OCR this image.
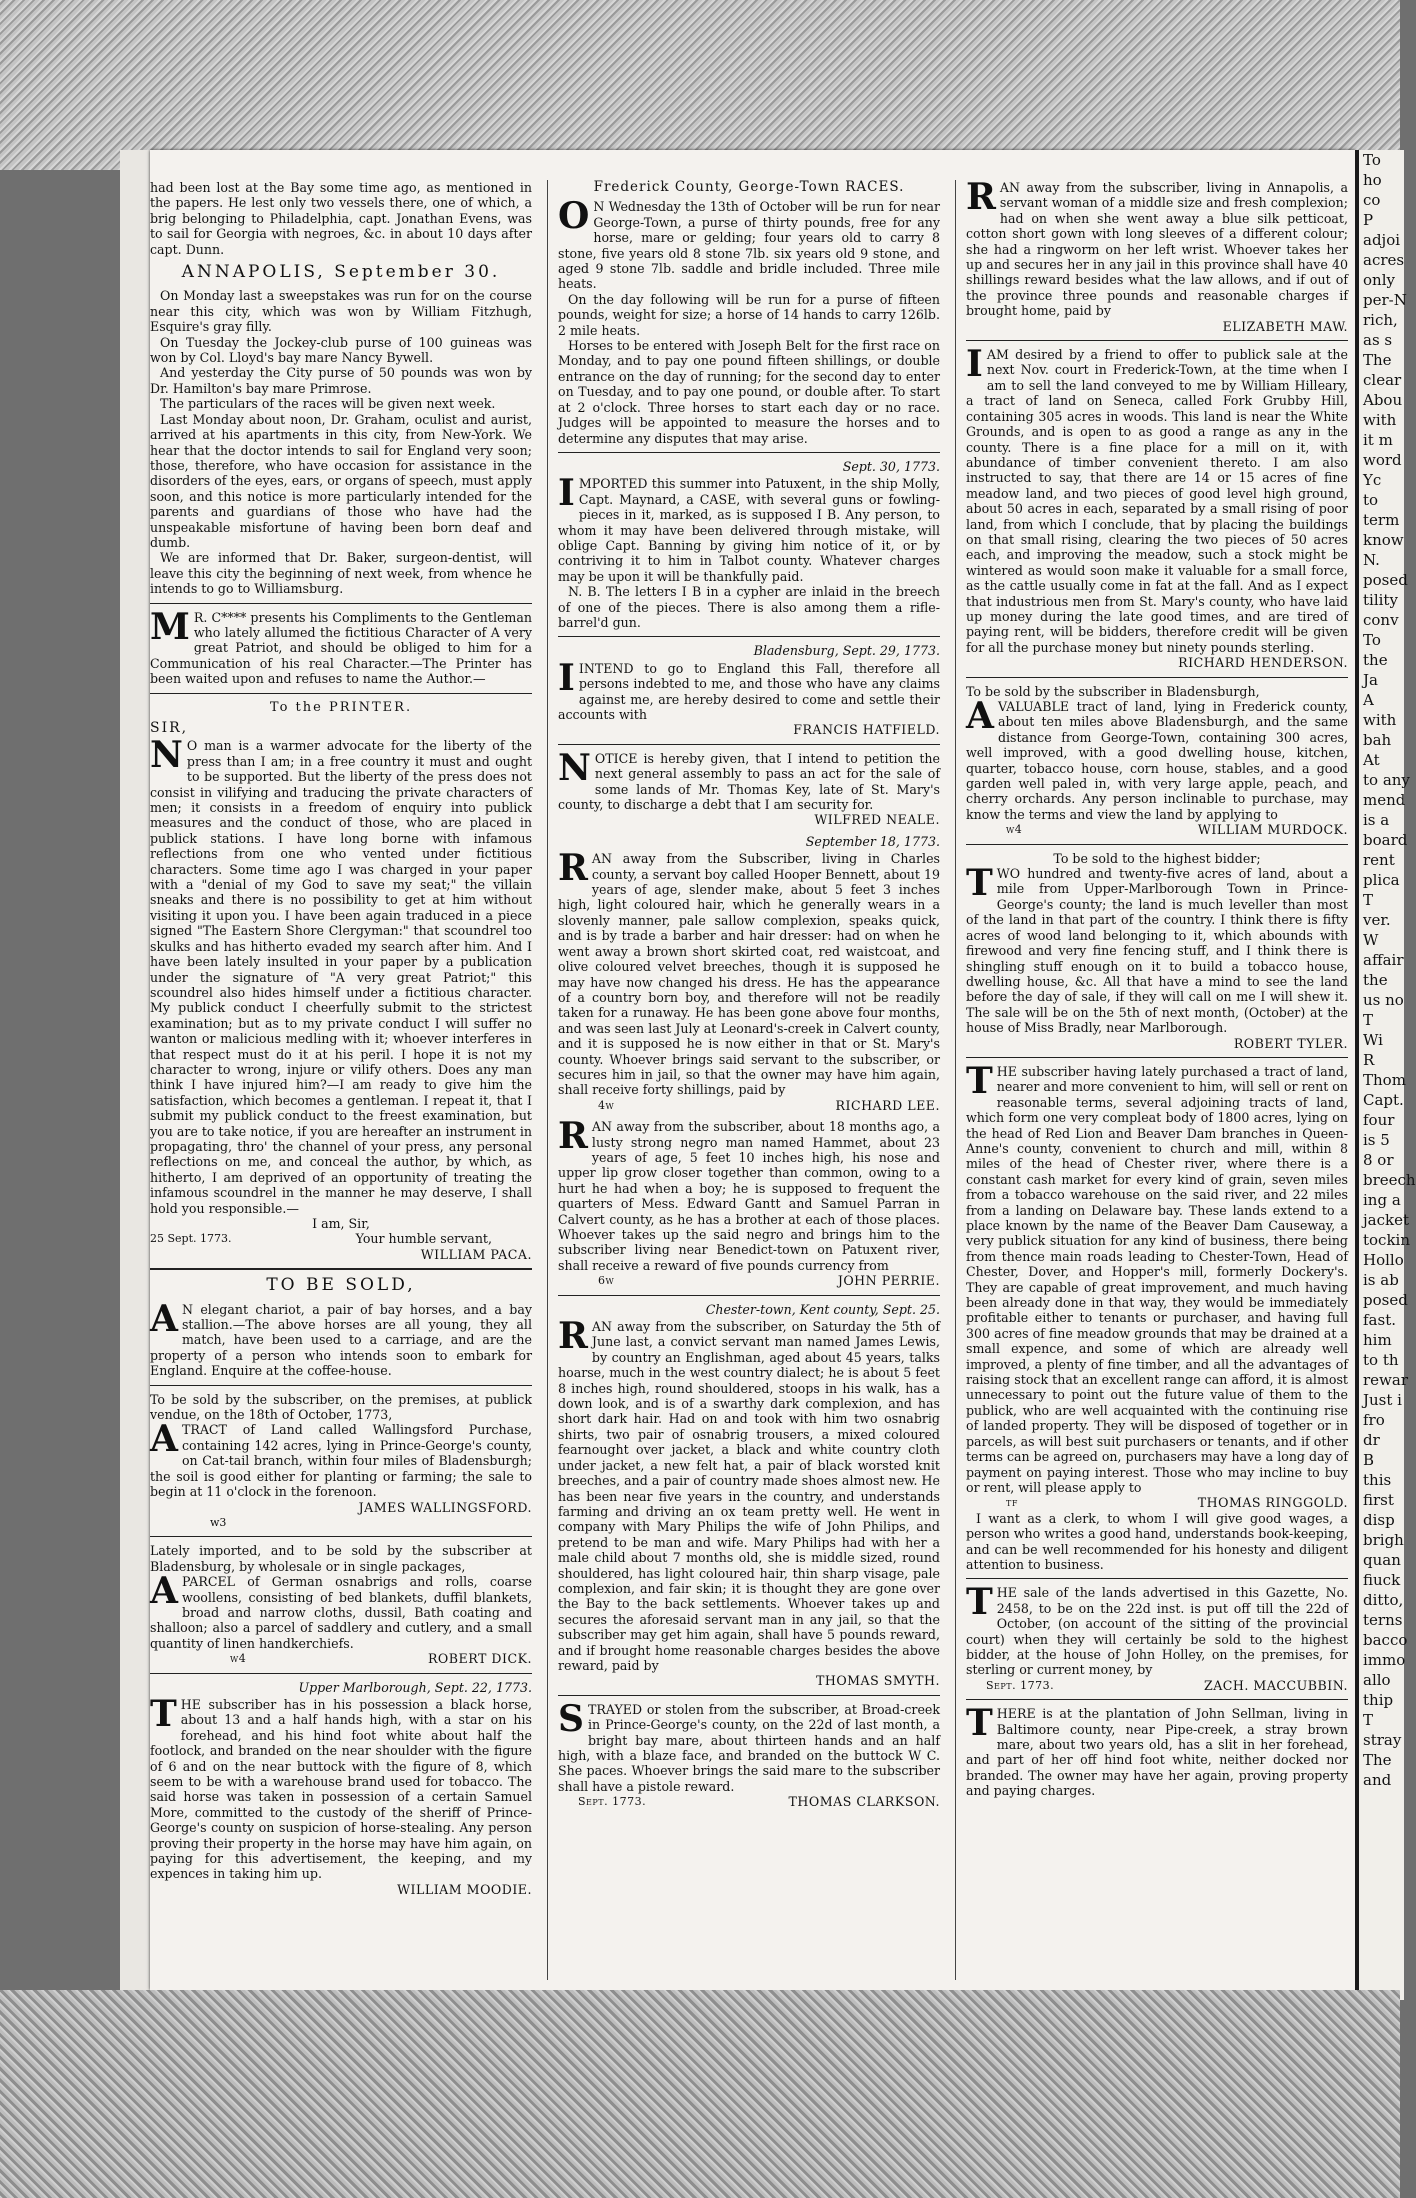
had been lost at the Bay some time ago, as mentioned in the papers. He lest only two vessels there, one of which, a brig belonging to Philadelphia, capt. Jonathan Evens, was to sail for Georgia with negroes, &c. in about 10 days after capt. Dunn.

ANNAPOLIS, September 30.

On Monday last a sweepstakes was run for on the course near this city, which was won by William Fitzhugh, Esquire's gray filly.

On Tuesday the Jockey-club purse of 100 guineas was won by Col. Lloyd's bay mare Nancy Bywell.

And yesterday the City purse of 50 pounds was won by Dr. Hamilton's bay mare Primrose.

The particulars of the races will be given next week.

Last Monday about noon, Dr. Graham, oculist and aurist, arrived at his apartments in this city, from New-York. We hear that the doctor intends to sail for England very soon; those, therefore, who have occasion for assistance in the disorders of the eyes, ears, or organs of speech, must apply soon, and this notice is more particularly intended for the parents and guardians of those who have had the unspeakable misfortune of having been born deaf and dumb.

We are informed that Dr. Baker, surgeon-dentist, will leave this city the beginning of next week, from whence he intends to go to Williamsburg.

M R. C**** presents his Compliments to the Gentleman who lately allumed the fictitious Character of A very great Patriot, and should be obliged to him for a Communication of his real Character.—The Printer has been waited upon and refuses to name the Author.—

To the PRINTER.
SIR,

N O man is a warmer advocate for the liberty of the press than I am; in a free country it must and ought to be supported. But the liberty of the press does not consist in vilifying and traducing the private characters of men; it consists in a freedom of enquiry into publick measures and the conduct of those, who are placed in publick stations. I have long borne with infamous reflections from one who vented under fictitious characters. Some time ago I was charged in your paper with a "denial of my God to save my seat;" the villain sneaks and there is no possibility to get at him without visiting it upon you. I have been again traduced in a piece signed "The Eastern Shore Clergyman:" that scoundrel too skulks and has hitherto evaded my search after him. And I have been lately insulted in your paper by a publication under the signature of "A very great Patriot;" this scoundrel also hides himself under a fictitious character. My publick conduct I cheerfully submit to the strictest examination; but as to my private conduct I will suffer no wanton or malicious medling with it; whoever interferes in that respect must do it at his peril. I hope it is not my character to wrong, injure or vilify others. Does any man think I have injured him?—I am ready to give him the satisfaction, which becomes a gentleman. I repeat it, that I submit my publick conduct to the freest examination, but you are to take notice, if you are hereafter an instrument in propagating, thro' the channel of your press, any personal reflections on me, and conceal the author, by which, as hitherto, I am deprived of an opportunity of treating the infamous scoundrel in the manner he may deserve, I shall hold you responsible.—

I am, Sir,
25 Sept. 1773.	Your humble servant,
WILLIAM PACA.
TO BE SOLD,

A N elegant chariot, a pair of bay horses, and a bay stallion.—The above horses are all young, they all match, have been used to a carriage, and are the property of a person who intends soon to embark for England. Enquire at the coffee-house.

To be sold by the subscriber, on the premises, at publick vendue, on the 18th of October, 1773,

ATRACT of Land called Wallingsford Purchase, containing 142 acres, lying in Prince-George's county, on Cat-tail branch, within four miles of Bladensburgh; the soil is good either for planting or farming; the sale to begin at 11 o'clock in the forenoon.

JAMES WALLINGSFORD.
w3

Lately imported, and to be sold by the subscriber at Bladensburg, by wholesale or in single packages,

APARCEL of German osnabrigs and rolls, coarse woollens, consisting of bed blankets, duffil blankets, broad and narrow cloths, dussil, Bath coating and shalloon; also a parcel of saddlery and cutlery, and a small quantity of linen handkerchiefs.

w4	ROBERT DICK.
Upper Marlborough, Sept. 22, 1773.

THE subscriber has in his possession a black horse, about 13 and a half hands high, with a star on his forehead, and his hind foot white about half the footlock, and branded on the near shoulder with the figure of 6 and on the near buttock with the figure of 8, which seem to be with a warehouse brand used for tobacco. The said horse was taken in possession of a certain Samuel More, committed to the custody of the sheriff of Prince-George's county on suspicion of horse-stealing. Any person proving their property in the horse may have him again, on paying for this advertisement, the keeping, and my expences in taking him up.

WILLIAM MOODIE.
Frederick County, George-Town RACES.

O N Wednesday the 13th of October will be run for near George-Town, a purse of thirty pounds, free for any horse, mare or gelding; four years old to carry 8 stone, five years old 8 stone 7lb. six years old 9 stone, and aged 9 stone 7lb. saddle and bridle included. Three mile heats.

On the day following will be run for a purse of fifteen pounds, weight for size; a horse of 14 hands to carry 126lb. 2 mile heats.

Horses to be entered with Joseph Belt for the first race on Monday, and to pay one pound fifteen shillings, or double entrance on the day of running; for the second day to enter on Tuesday, and to pay one pound, or double after. To start at 2 o'clock. Three horses to start each day or no race. Judges will be appointed to measure the horses and to determine any disputes that may arise.

Sept. 30, 1773.

IMPORTED this summer into Patuxent, in the ship Molly, Capt. Maynard, a CASE, with several guns or fowling-pieces in it, marked, as is supposed I B. Any person, to whom it may have been delivered through mistake, will oblige Capt. Banning by giving him notice of it, or by contriving it to him in Talbot county. Whatever charges may be upon it will be thankfully paid.

N. B. The letters I B in a cypher are inlaid in the breech of one of the pieces. There is also among them a rifle-barrel'd gun.

Bladensburg, Sept. 29, 1773.

IINTEND to go to England this Fall, therefore all persons indebted to me, and those who have any claims against me, are hereby desired to come and settle their accounts with

FRANCIS HATFIELD.

NOTICE is hereby given, that I intend to petition the next general assembly to pass an act for the sale of some lands of Mr. Thomas Key, late of St. Mary's county, to discharge a debt that I am security for.

WILFRED NEALE.
September 18, 1773.

RAN away from the Subscriber, living in Charles county, a servant boy called Hooper Bennett, about 19 years of age, slender make, about 5 feet 3 inches high, light coloured hair, which he generally wears in a slovenly manner, pale sallow complexion, speaks quick, and is by trade a barber and hair dresser: had on when he went away a brown short skirted coat, red waistcoat, and olive coloured velvet breeches, though it is supposed he may have now changed his dress. He has the appearance of a country born boy, and therefore will not be readily taken for a runaway. He has been gone above four months, and was seen last July at Leonard's-creek in Calvert county, and it is supposed he is now either in that or St. Mary's county. Whoever brings said servant to the subscriber, or secures him in jail, so that the owner may have him again, shall receive forty shillings, paid by

4w	RICHARD LEE.

RAN away from the subscriber, about 18 months ago, a lusty strong negro man named Hammet, about 23 years of age, 5 feet 10 inches high, his nose and upper lip grow closer together than common, owing to a hurt he had when a boy; he is supposed to frequent the quarters of Mess. Edward Gantt and Samuel Parran in Calvert county, as he has a brother at each of those places. Whoever takes up the said negro and brings him to the subscriber living near Benedict-town on Patuxent river, shall receive a reward of five pounds currency from

6w	JOHN PERRIE.
Chester-town, Kent county, Sept. 25.

RAN away from the subscriber, on Saturday the 5th of June last, a convict servant man named James Lewis, by country an Englishman, aged about 45 years, talks hoarse, much in the west country dialect; he is about 5 feet 8 inches high, round shouldered, stoops in his walk, has a down look, and is of a swarthy dark complexion, and has short dark hair. Had on and took with him two osnabrig shirts, two pair of osnabrig trousers, a mixed coloured fearnought over jacket, a black and white country cloth under jacket, a new felt hat, a pair of black worsted knit breeches, and a pair of country made shoes almost new. He has been near five years in the country, and understands farming and driving an ox team pretty well. He went in company with Mary Philips the wife of John Philips, and pretend to be man and wife. Mary Philips had with her a male child about 7 months old, she is middle sized, round shouldered, has light coloured hair, thin sharp visage, pale complexion, and fair skin; it is thought they are gone over the Bay to the back settlements. Whoever takes up and secures the aforesaid servant man in any jail, so that the subscriber may get him again, shall have 5 pounds reward, and if brought home reasonable charges besides the above reward, paid by

THOMAS SMYTH.

STRAYED or stolen from the subscriber, at Broad-creek in Prince-George's county, on the 22d of last month, a bright bay mare, about thirteen hands and an half high, with a blaze face, and branded on the buttock W C. She paces. Whoever brings the said mare to the subscriber shall have a pistole reward.

Sept. 1773.	THOMAS CLARKSON.

RAN away from the subscriber, living in Annapolis, a servant woman of a middle size and fresh complexion; had on when she went away a blue silk petticoat, cotton short gown with long sleeves of a different colour; she had a ringworm on her left wrist. Whoever takes her up and secures her in any jail in this province shall have 40 shillings reward besides what the law allows, and if out of the province three pounds and reasonable charges if brought home, paid by

ELIZABETH MAW.

IAM desired by a friend to offer to publick sale at the next Nov. court in Frederick-Town, at the time when I am to sell the land conveyed to me by William Hilleary, a tract of land on Seneca, called Fork Grubby Hill, containing 305 acres in woods. This land is near the White Grounds, and is open to as good a range as any in the county. There is a fine place for a mill on it, with abundance of timber convenient thereto. I am also instructed to say, that there are 14 or 15 acres of fine meadow land, and two pieces of good level high ground, about 50 acres in each, separated by a small rising of poor land, from which I conclude, that by placing the buildings on that small rising, clearing the two pieces of 50 acres each, and improving the meadow, such a stock might be wintered as would soon make it valuable for a small force, as the cattle usually come in fat at the fall. And as I expect that industrious men from St. Mary's county, who have laid up money during the late good times, and are tired of paying rent, will be bidders, therefore credit will be given for all the purchase money but ninety pounds sterling.

RICHARD HENDERSON.

To be sold by the subscriber in Bladensburgh,

AVALUABLE tract of land, lying in Frederick county, about ten miles above Bladensburgh, and the same distance from George-Town, containing 300 acres, well improved, with a good dwelling house, kitchen, quarter, tobacco house, corn house, stables, and a good garden well paled in, with very large apple, peach, and cherry orchards. Any person inclinable to purchase, may know the terms and view the land by applying to

w4	WILLIAM MURDOCK.

To be sold to the highest bidder;

TWO hundred and twenty-five acres of land, about a mile from Upper-Marlborough Town in Prince-George's county; the land is much leveller than most of the land in that part of the country. I think there is fifty acres of wood land belonging to it, which abounds with firewood and very fine fencing stuff, and I think there is shingling stuff enough on it to build a tobacco house, dwelling house, &c. All that have a mind to see the land before the day of sale, if they will call on me I will shew it. The sale will be on the 5th of next month, (October) at the house of Miss Bradly, near Marlborough.

ROBERT TYLER.

THE subscriber having lately purchased a tract of land, nearer and more convenient to him, will sell or rent on reasonable terms, several adjoining tracts of land, which form one very compleat body of 1800 acres, lying on the head of Red Lion and Beaver Dam branches in Queen-Anne's county, convenient to church and mill, within 8 miles of the head of Chester river, where there is a constant cash market for every kind of grain, seven miles from a tobacco warehouse on the said river, and 22 miles from a landing on Delaware bay. These lands extend to a place known by the name of the Beaver Dam Causeway, a very publick situation for any kind of business, there being from thence main roads leading to Chester-Town, Head of Chester, Dover, and Hopper's mill, formerly Dockery's. They are capable of great improvement, and much having been already done in that way, they would be immediately profitable either to tenants or purchaser, and having full 300 acres of fine meadow grounds that may be drained at a small expence, and some of which are already well improved, a plenty of fine timber, and all the advantages of raising stock that an excellent range can afford, it is almost unnecessary to point out the future value of them to the publick, who are well acquainted with the continuing rise of landed property. They will be disposed of together or in parcels, as will best suit purchasers or tenants, and if other terms can be agreed on, purchasers may have a long day of payment on paying interest. Those who may incline to buy or rent, will please apply to

tf	THOMAS RINGGOLD.

I want as a clerk, to whom I will give good wages, a person who writes a good hand, understands book-keeping, and can be well recommended for his honesty and diligent attention to business.

THE sale of the lands advertised in this Gazette, No. 2458, to be on the 22d inst. is put off till the 22d of October, (on account of the sitting of the provincial court) when they will certainly be sold to the highest bidder, at the house of John Holley, on the premises, for sterling or current money, by

Sept. 1773.	ZACH. MACCUBBIN.

THERE is at the plantation of John Sellman, living in Baltimore county, near Pipe-creek, a stray brown mare, about two years old, has a slit in her forehead, and part of her off hind foot white, neither docked nor branded. The owner may have her again, proving property and paying charges.

To
ho
co
P
adjoi
acres
only
per-N
rich,
as s
The
clear
Abou
with
it m
word
Yc
to
term
know
N.
posed
tility
conv
To
the
Ja
A
with
bah
At
to any
mend
is a
board
rent
plica
T
ver.
W
affair
the
us no
T
Wi
R
Thom
Capt.
four
is 5
8 or
breech
ing a
jacket
tockin
Hollo
is ab
posed
fast.
him
to th
rewar
Just i
fro
dr
B
this
first
disp
brigh
quan
fiuck
ditto,
terns
bacco
immo
allo
thip
T
stray
The
and
